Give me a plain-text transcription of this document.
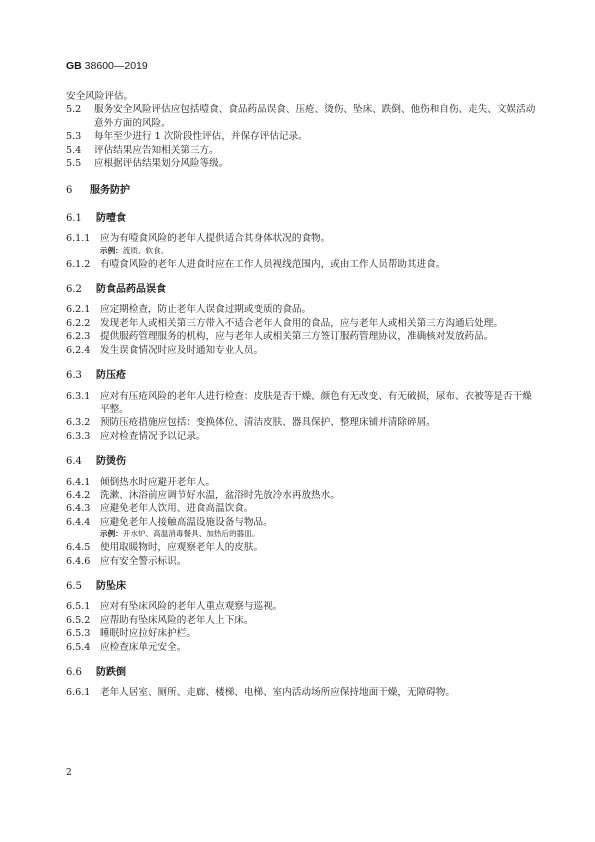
GB 38600—2019
安全风险评估。
5.2	服务安全风险评估应包括噎食、食品药品误食、压疮、烫伤、坠床、跌倒、他伤和自伤、走失、文娱活动意外方面的风险。
5.3	每年至少进行 1 次阶段性评估，并保存评估记录。
5.4	评估结果应告知相关第三方。
5.5	应根据评估结果划分风险等级。
6	服务防护
6.1	防噎食
6.1.1 应为有噎食风险的老年人提供适合其身体状况的食物。
示例：流质、软食。
6.1.2 有噎食风险的老年人进食时应在工作人员视线范围内，或由工作人员帮助其进食。
6.2	防食品药品误食
6.2.1 应定期检查，防止老年人误食过期或变质的食品。
6.2.2 发现老年人或相关第三方带入不适合老年人食用的食品，应与老年人或相关第三方沟通后处理。
6.2.3 提供服药管理服务的机构，应与老年人或相关第三方签订服药管理协议，准确核对发放药品。
6.2.4 发生误食情况时应及时通知专业人员。
6.3	防压疮
6.3.1 应对有压疮风险的老年人进行检查：皮肤是否干燥、颜色有无改变、有无破损，尿布、衣被等是否干燥平整。
6.3.2 预防压疮措施应包括：变换体位、清洁皮肤、器具保护、整理床铺并清除碎屑。
6.3.3 应对检查情况予以记录。
6.4	防烫伤
6.4.1 倾倒热水时应避开老年人。
6.4.2 洗漱、沐浴前应调节好水温，盆浴时先放冷水再放热水。
6.4.3 应避免老年人饮用、进食高温饮食。
6.4.4 应避免老年人接触高温设施设备与物品。
示例：开水炉、高温消毒餐具、加热后的器皿。
6.4.5 使用取暖物时，应观察老年人的皮肤。
6.4.6 应有安全警示标识。
6.5	防坠床
6.5.1 应对有坠床风险的老年人重点观察与巡视。
6.5.2 应帮助有坠床风险的老年人上下床。
6.5.3 睡眠时应拉好床护栏。
6.5.4 应检查床单元安全。
6.6	防跌倒
6.6.1 老年人居室、厕所、走廊、楼梯、电梯、室内活动场所应保持地面干燥，无障碍物。
2
